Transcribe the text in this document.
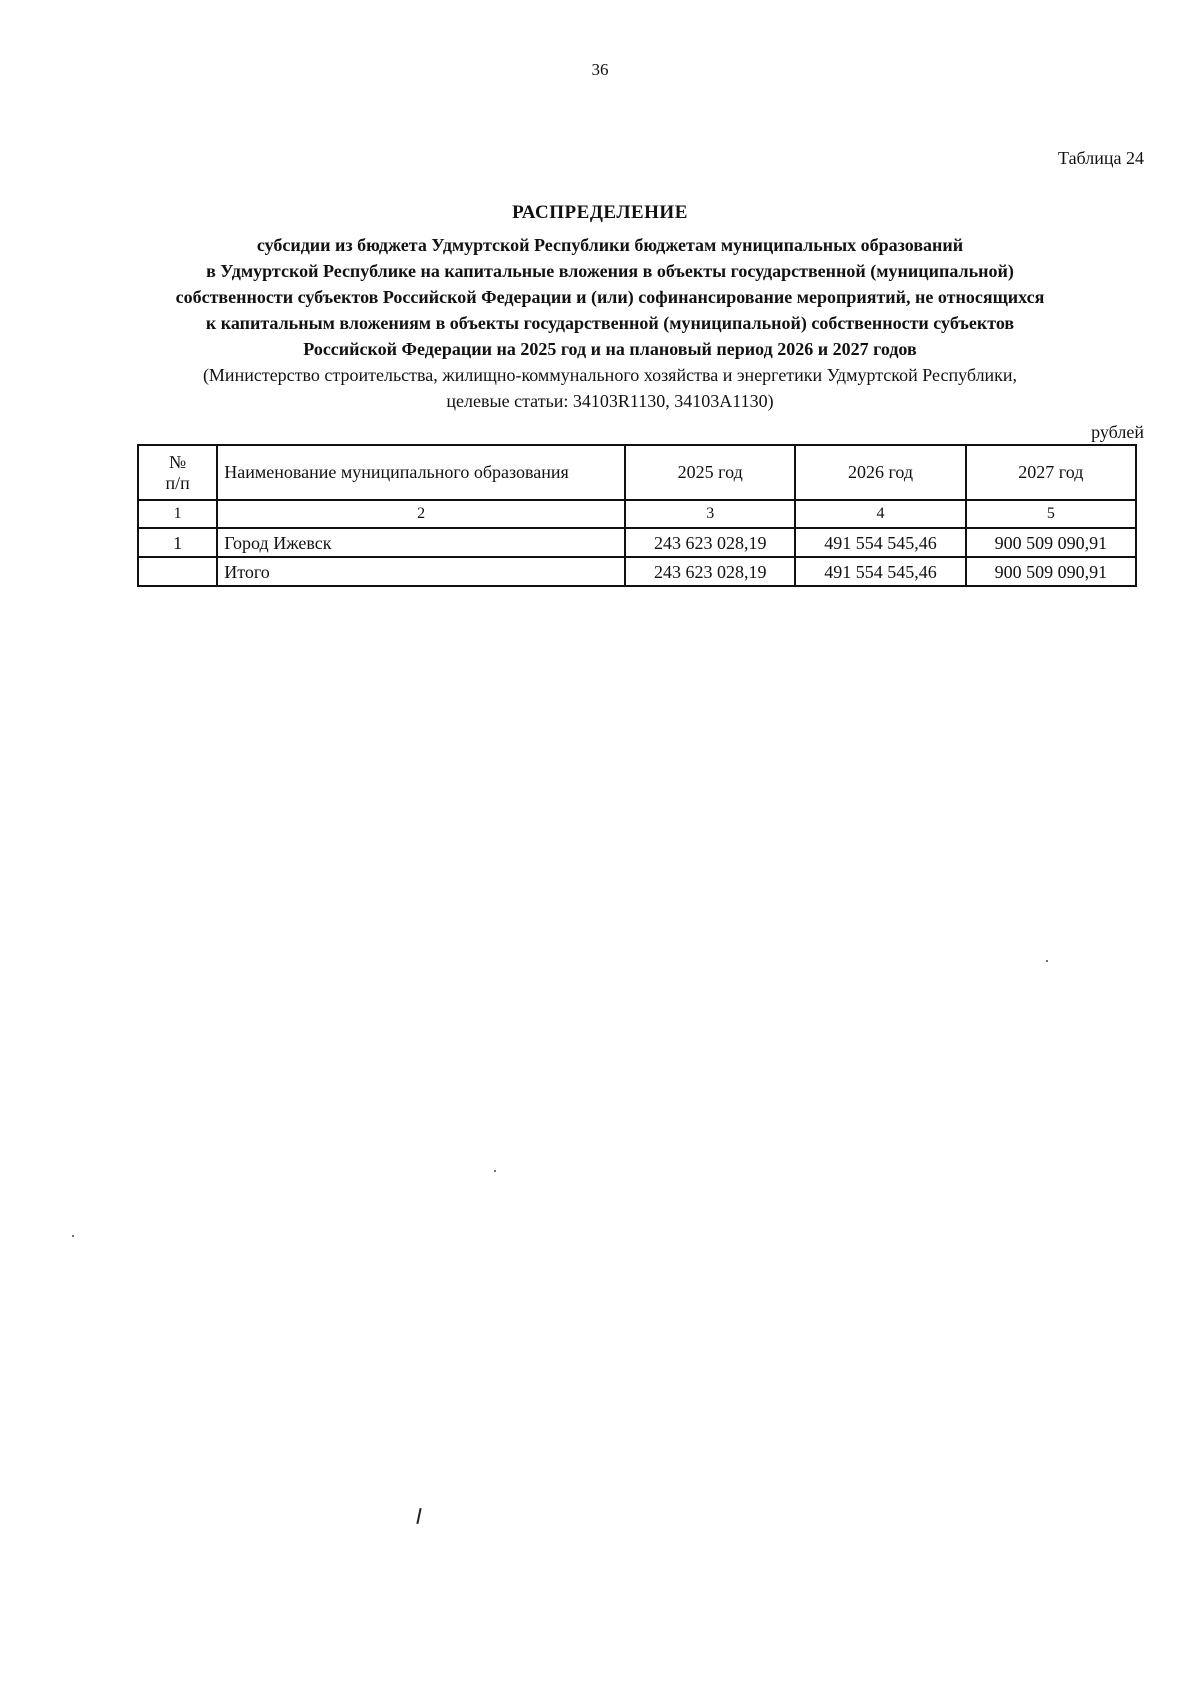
36
Таблица 24
РАСПРЕДЕЛЕНИЕ
субсидии из бюджета Удмуртской Республики бюджетам муниципальных образований
в Удмуртской Республике на капитальные вложения в объекты государственной (муниципальной)
собственности субъектов Российской Федерации и (или) софинансирование мероприятий, не относящихся
к капитальным вложениям в объекты государственной (муниципальной) собственности субъектов
Российской Федерации на 2025 год и на плановый период 2026 и 2027 годов
(Министерство строительства, жилищно-коммунального хозяйства и энергетики Удмуртской Республики,
целевые статьи: 34103R1130, 34103A1130)
рублей
№
п/п	Наименование муниципального образования	2025 год	2026 год	2027 год
1	2	3	4	5
1	Город Ижевск	243 623 028,19	491 554 545,46	900 509 090,91
	Итого	243 623 028,19	491 554 545,46	900 509 090,91
